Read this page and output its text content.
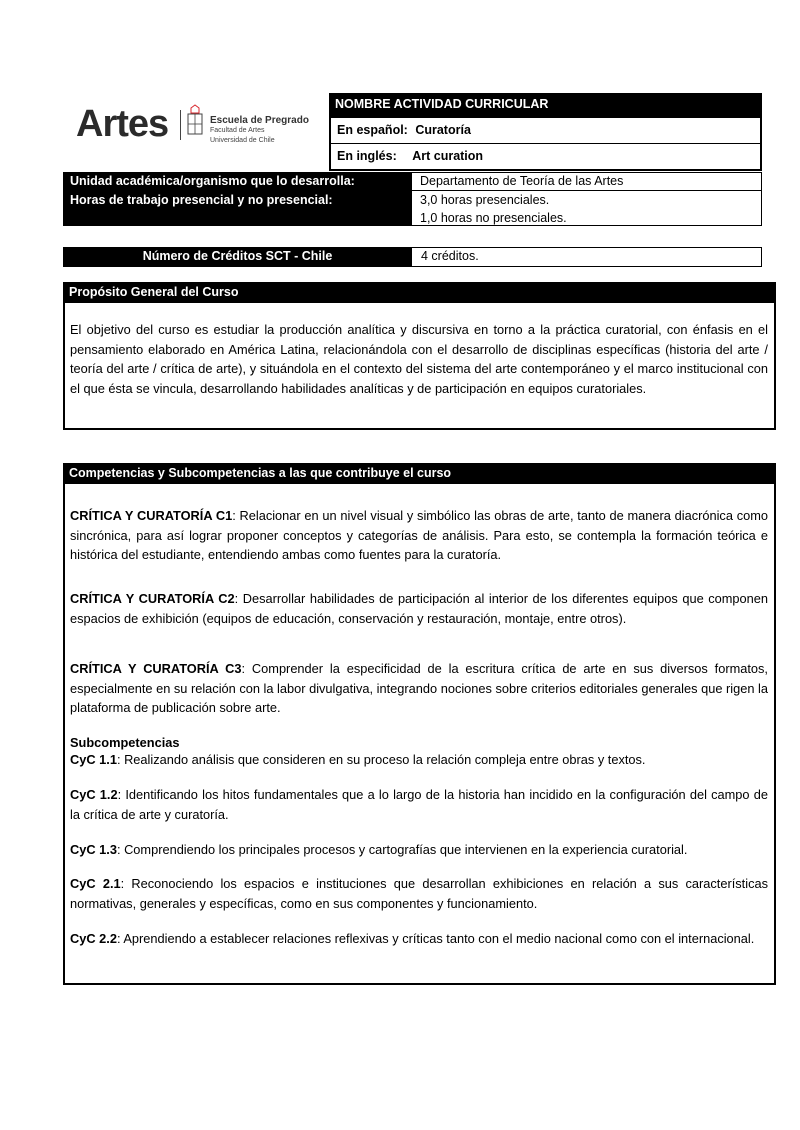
Artes	Escuela de Pregrado
Facultad de Artes
Universidad de Chile
NOMBRE ACTIVIDAD CURRICULAR
En español: Curatoría
En inglés: Art curation
Unidad académica/organismo que lo desarrolla:
Horas de trabajo presencial y no presencial:
Departamento de Teoría de las Artes
3,0 horas presenciales.
1,0 horas no presenciales.
Número de Créditos SCT - Chile	4 créditos.
Propósito General del Curso
El objetivo del curso es estudiar la producción analítica y discursiva en torno a la práctica curatorial, con énfasis en el pensamiento elaborado en América Latina, relacionándola con el desarrollo de disciplinas específicas (historia del arte / teoría del arte / crítica de arte), y situándola en el contexto del sistema del arte contemporáneo y el marco institucional con el que ésta se vincula, desarrollando habilidades analíticas y de participación en equipos curatoriales.
Competencias y Subcompetencias a las que contribuye el curso
CRÍTICA Y CURATORÍA C1: Relacionar en un nivel visual y simbólico las obras de arte, tanto de manera diacrónica como sincrónica, para así lograr proponer conceptos y categorías de análisis. Para esto, se contempla la formación teórica e histórica del estudiante, entendiendo ambas como fuentes para la curatoría.
CRÍTICA Y CURATORÍA C2: Desarrollar habilidades de participación al interior de los diferentes equipos que componen espacios de exhibición (equipos de educación, conservación y restauración, montaje, entre otros).
CRÍTICA Y CURATORÍA C3: Comprender la especificidad de la escritura crítica de arte en sus diversos formatos, especialmente en su relación con la labor divulgativa, integrando nociones sobre criterios editoriales generales que rigen la plataforma de publicación sobre arte.
Subcompetencias
CyC 1.1: Realizando análisis que consideren en su proceso la relación compleja entre obras y textos.
CyC 1.2: Identificando los hitos fundamentales que a lo largo de la historia han incidido en la configuración del campo de la crítica de arte y curatoría.
CyC 1.3: Comprendiendo los principales procesos y cartografías que intervienen en la experiencia curatorial.
CyC 2.1: Reconociendo los espacios e instituciones que desarrollan exhibiciones en relación a sus características normativas, generales y específicas, como en sus componentes y funcionamiento.
CyC 2.2: Aprendiendo a establecer relaciones reflexivas y críticas tanto con el medio nacional como con el internacional.
